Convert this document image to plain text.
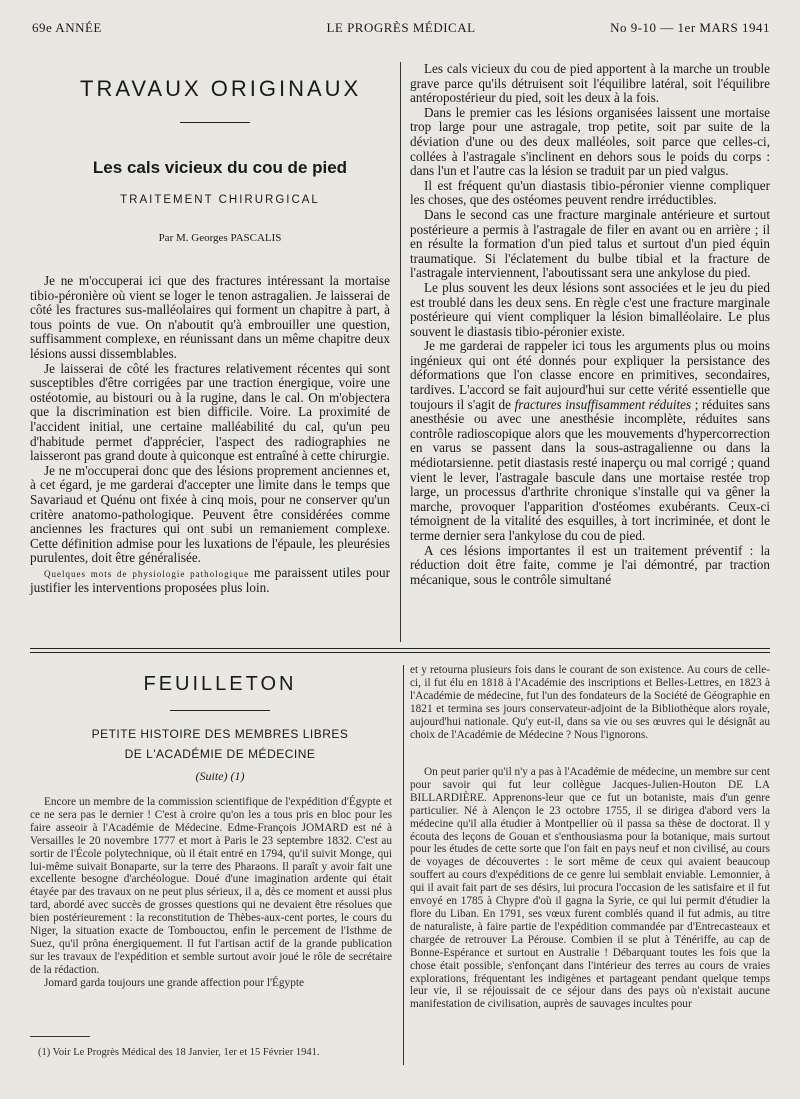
69e ANNÉE	LE PROGRÈS MÉDICAL	No 9-10 — 1er MARS 1941
TRAVAUX ORIGINAUX
Les cals vicieux du cou de pied
TRAITEMENT CHIRURGICAL
Par M. Georges PASCALIS

Je ne m'occuperai ici que des fractures intéressant la mortaise tibio-péronière où vient se loger le tenon astragalien. Je laisserai de côté les fractures sus-malléolaires qui forment un chapitre à part, à tous points de vue. On n'aboutit qu'à embrouiller une question, suffisamment complexe, en réunissant dans un même chapitre deux lésions aussi dissemblables.

Je laisserai de côté les fractures relativement récentes qui sont susceptibles d'être corrigées par une traction énergique, voire une ostéotomie, au bistouri ou à la rugine, dans le cal. On m'objectera que la discrimination est bien difficile. Voire. La proximité de l'accident initial, une certaine malléabilité du cal, qu'un peu d'habitude permet d'apprécier, l'aspect des radiographies ne laisseront pas grand doute à quiconque est entraîné à cette chirurgie.

Je ne m'occuperai donc que des lésions proprement anciennes et, à cet égard, je me garderai d'accepter une limite dans le temps que Savariaud et Quénu ont fixée à cinq mois, pour ne conserver qu'un critère anatomo-pathologique. Peuvent être considérées comme anciennes les fractures qui ont subi un remaniement complexe. Cette définition admise pour les luxations de l'épaule, les pleurésies purulentes, doit être généralisée.

Quelques mots de physiologie pathologique me paraissent utiles pour justifier les interventions proposées plus loin.

Les cals vicieux du cou de pied apportent à la marche un trouble grave parce qu'ils détruisent soit l'équilibre latéral, soit l'équilibre antéropostérieur du pied, soit les deux à la fois.

Dans le premier cas les lésions organisées laissent une mortaise trop large pour une astragale, trop petite, soit par suite de la déviation d'une ou des deux malléoles, soit parce que celles-ci, collées à l'astragale s'inclinent en dehors sous le poids du corps : dans l'un et l'autre cas la lésion se traduit par un pied valgus.

Il est fréquent qu'un diastasis tibio-péronier vienne compliquer les choses, que des ostéomes peuvent rendre irréductibles.

Dans le second cas une fracture marginale antérieure et surtout postérieure a permis à l'astragale de filer en avant ou en arrière ; il en résulte la formation d'un pied talus et surtout d'un pied équin traumatique. Si l'éclatement du bulbe tibial et la fracture de l'astragale interviennent, l'aboutissant sera une ankylose du pied.

Le plus souvent les deux lésions sont associées et le jeu du pied est troublé dans les deux sens. En règle c'est une fracture marginale postérieure qui vient compliquer la lésion bimalléolaire. Le plus souvent le diastasis tibio-péronier existe.

Je me garderai de rappeler ici tous les arguments plus ou moins ingénieux qui ont été donnés pour expliquer la persistance des déformations que l'on classe encore en primitives, secondaires, tardives. L'accord se fait aujourd'hui sur cette vérité essentielle que toujours il s'agit de fractures insuffisamment réduites ; réduites sans anesthésie ou avec une anesthésie incomplète, réduites sans contrôle radioscopique alors que les mouvements d'hypercorrection en varus se passent dans la sous-astragalienne ou dans la médiotarsienne. petit diastasis resté inaperçu ou mal corrigé ; quand vient le lever, l'astragale bascule dans une mortaise restée trop large, un processus d'arthrite chronique s'installe qui va gêner la marche, provoquer l'apparition d'ostéomes exubérants. Ceux-ci témoignent de la vitalité des esquilles, à tort incriminée, et dont le terme dernier sera l'ankylose du cou de pied.

A ces lésions importantes il est un traitement préventif : la réduction doit être faite, comme je l'ai démontré, par traction mécanique, sous le contrôle simultané

FEUILLETON
PETITE HISTOIRE DES MEMBRES LIBRES
DE L'ACADÉMIE DE MÉDECINE
(Suite) (1)

Encore un membre de la commission scientifique de l'expédition d'Égypte et ce ne sera pas le dernier ! C'est à croire qu'on les a tous pris en bloc pour les faire asseoir à l'Académie de Médecine. Edme-François JOMARD est né à Versailles le 20 novembre 1777 et mort à Paris le 23 septembre 1832. C'est au sortir de l'École polytechnique, où il était entré en 1794, qu'il suivit Monge, qui lui-même suivait Bonaparte, sur la terre des Pharaons. Il paraît y avoir fait une excellente besogne d'archéologue. Doué d'une imagination ardente qui était étayée par des travaux on ne peut plus sérieux, il a, dès ce moment et aussi plus tard, abordé avec succès de grosses questions qui ne devaient être résolues que bien postérieurement : la reconstitution de Thèbes-aux-cent portes, le cours du Niger, la situation exacte de Tombouctou, enfin le percement de l'Isthme de Suez, qu'il prôna énergiquement. Il fut l'artisan actif de la grande publication sur les travaux de l'expédition et semble surtout avoir joué le rôle de secrétaire de la rédaction.

Jomard garda toujours une grande affection pour l'Égypte

(1) Voir Le Progrès Médical des 18 Janvier, 1er et 15 Février 1941.

et y retourna plusieurs fois dans le courant de son existence. Au cours de celle-ci, il fut élu en 1818 à l'Académie des inscriptions et Belles-Lettres, en 1823 à l'Académie de médecine, fut l'un des fondateurs de la Société de Géographie en 1821 et termina ses jours conservateur-adjoint de la Bibliothèque alors royale, aujourd'hui nationale. Qu'y eut-il, dans sa vie ou ses œuvres qui le désignât au choix de l'Académie de Médecine ? Nous l'ignorons.

On peut parier qu'il n'y a pas à l'Académie de médecine, un membre sur cent pour savoir qui fut leur collègue Jacques-Julien-Houton DE LA BILLARDIÈRE. Apprenons-leur que ce fut un botaniste, mais d'un genre particulier. Né à Alençon le 23 octobre 1755, il se dirigea d'abord vers la médecine qu'il alla étudier à Montpellier où il passa sa thèse de doctorat. Il y écouta des leçons de Gouan et s'enthousiasma pour la botanique, mais surtout pour les études de cette sorte que l'on fait en pays neuf et non civilisé, au cours de voyages de découvertes : le sort même de ceux qui avaient beaucoup souffert au cours d'expéditions de ce genre lui semblait enviable. Lemonnier, à qui il avait fait part de ses désirs, lui procura l'occasion de les satisfaire et il fut envoyé en 1785 à Chypre d'où il gagna la Syrie, ce qui lui permit d'étudier la flore du Liban. En 1791, ses vœux furent comblés quand il fut admis, au titre de naturaliste, à faire partie de l'expédition commandée par d'Entrecasteaux et chargée de retrouver La Pérouse. Combien il se plut à Ténériffe, au cap de Bonne-Espérance et surtout en Australie ! Débarquant toutes les fois que la chose était possible, s'enfonçant dans l'intérieur des terres au cours de vraies explorations, fréquentant les indigènes et partageant pendant quelque temps leur vie, il se réjouissait de ce séjour dans des pays où n'existait aucune manifestation de civilisation, auprès de sauvages incultes pour
